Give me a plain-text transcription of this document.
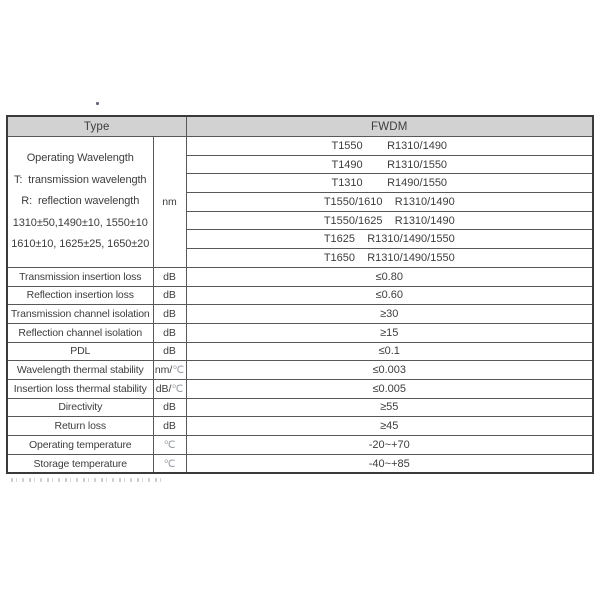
Type		FWDM

Operating Wavelength
T:  transmission wavelength
R:  reflection wavelength
1310±50,1490±10, 1550±10
1610±10, 1625±25, 1650±20	nm	T1550        R1310/1490
		T1490        R1310/1550
		T1310        R1490/1550
		T1550/1610    R1310/1490
		T1550/1625    R1310/1490
		T1625    R1310/1490/1550
		T1650    R1310/1490/1550
Transmission insertion loss	dB	≤0.80
Reflection insertion loss	dB	≤0.60
Transmission channel isolation	dB	≥30
Reflection channel isolation	dB	≥15
PDL	dB	≤0.1
Wavelength thermal stability	nm/℃	≤0.003
Insertion loss thermal stability	dB/℃	≤0.005
Directivity	dB	≥55
Return loss	dB	≥45
Operating temperature	℃	-20~+70
Storage temperature	℃	-40~+85
